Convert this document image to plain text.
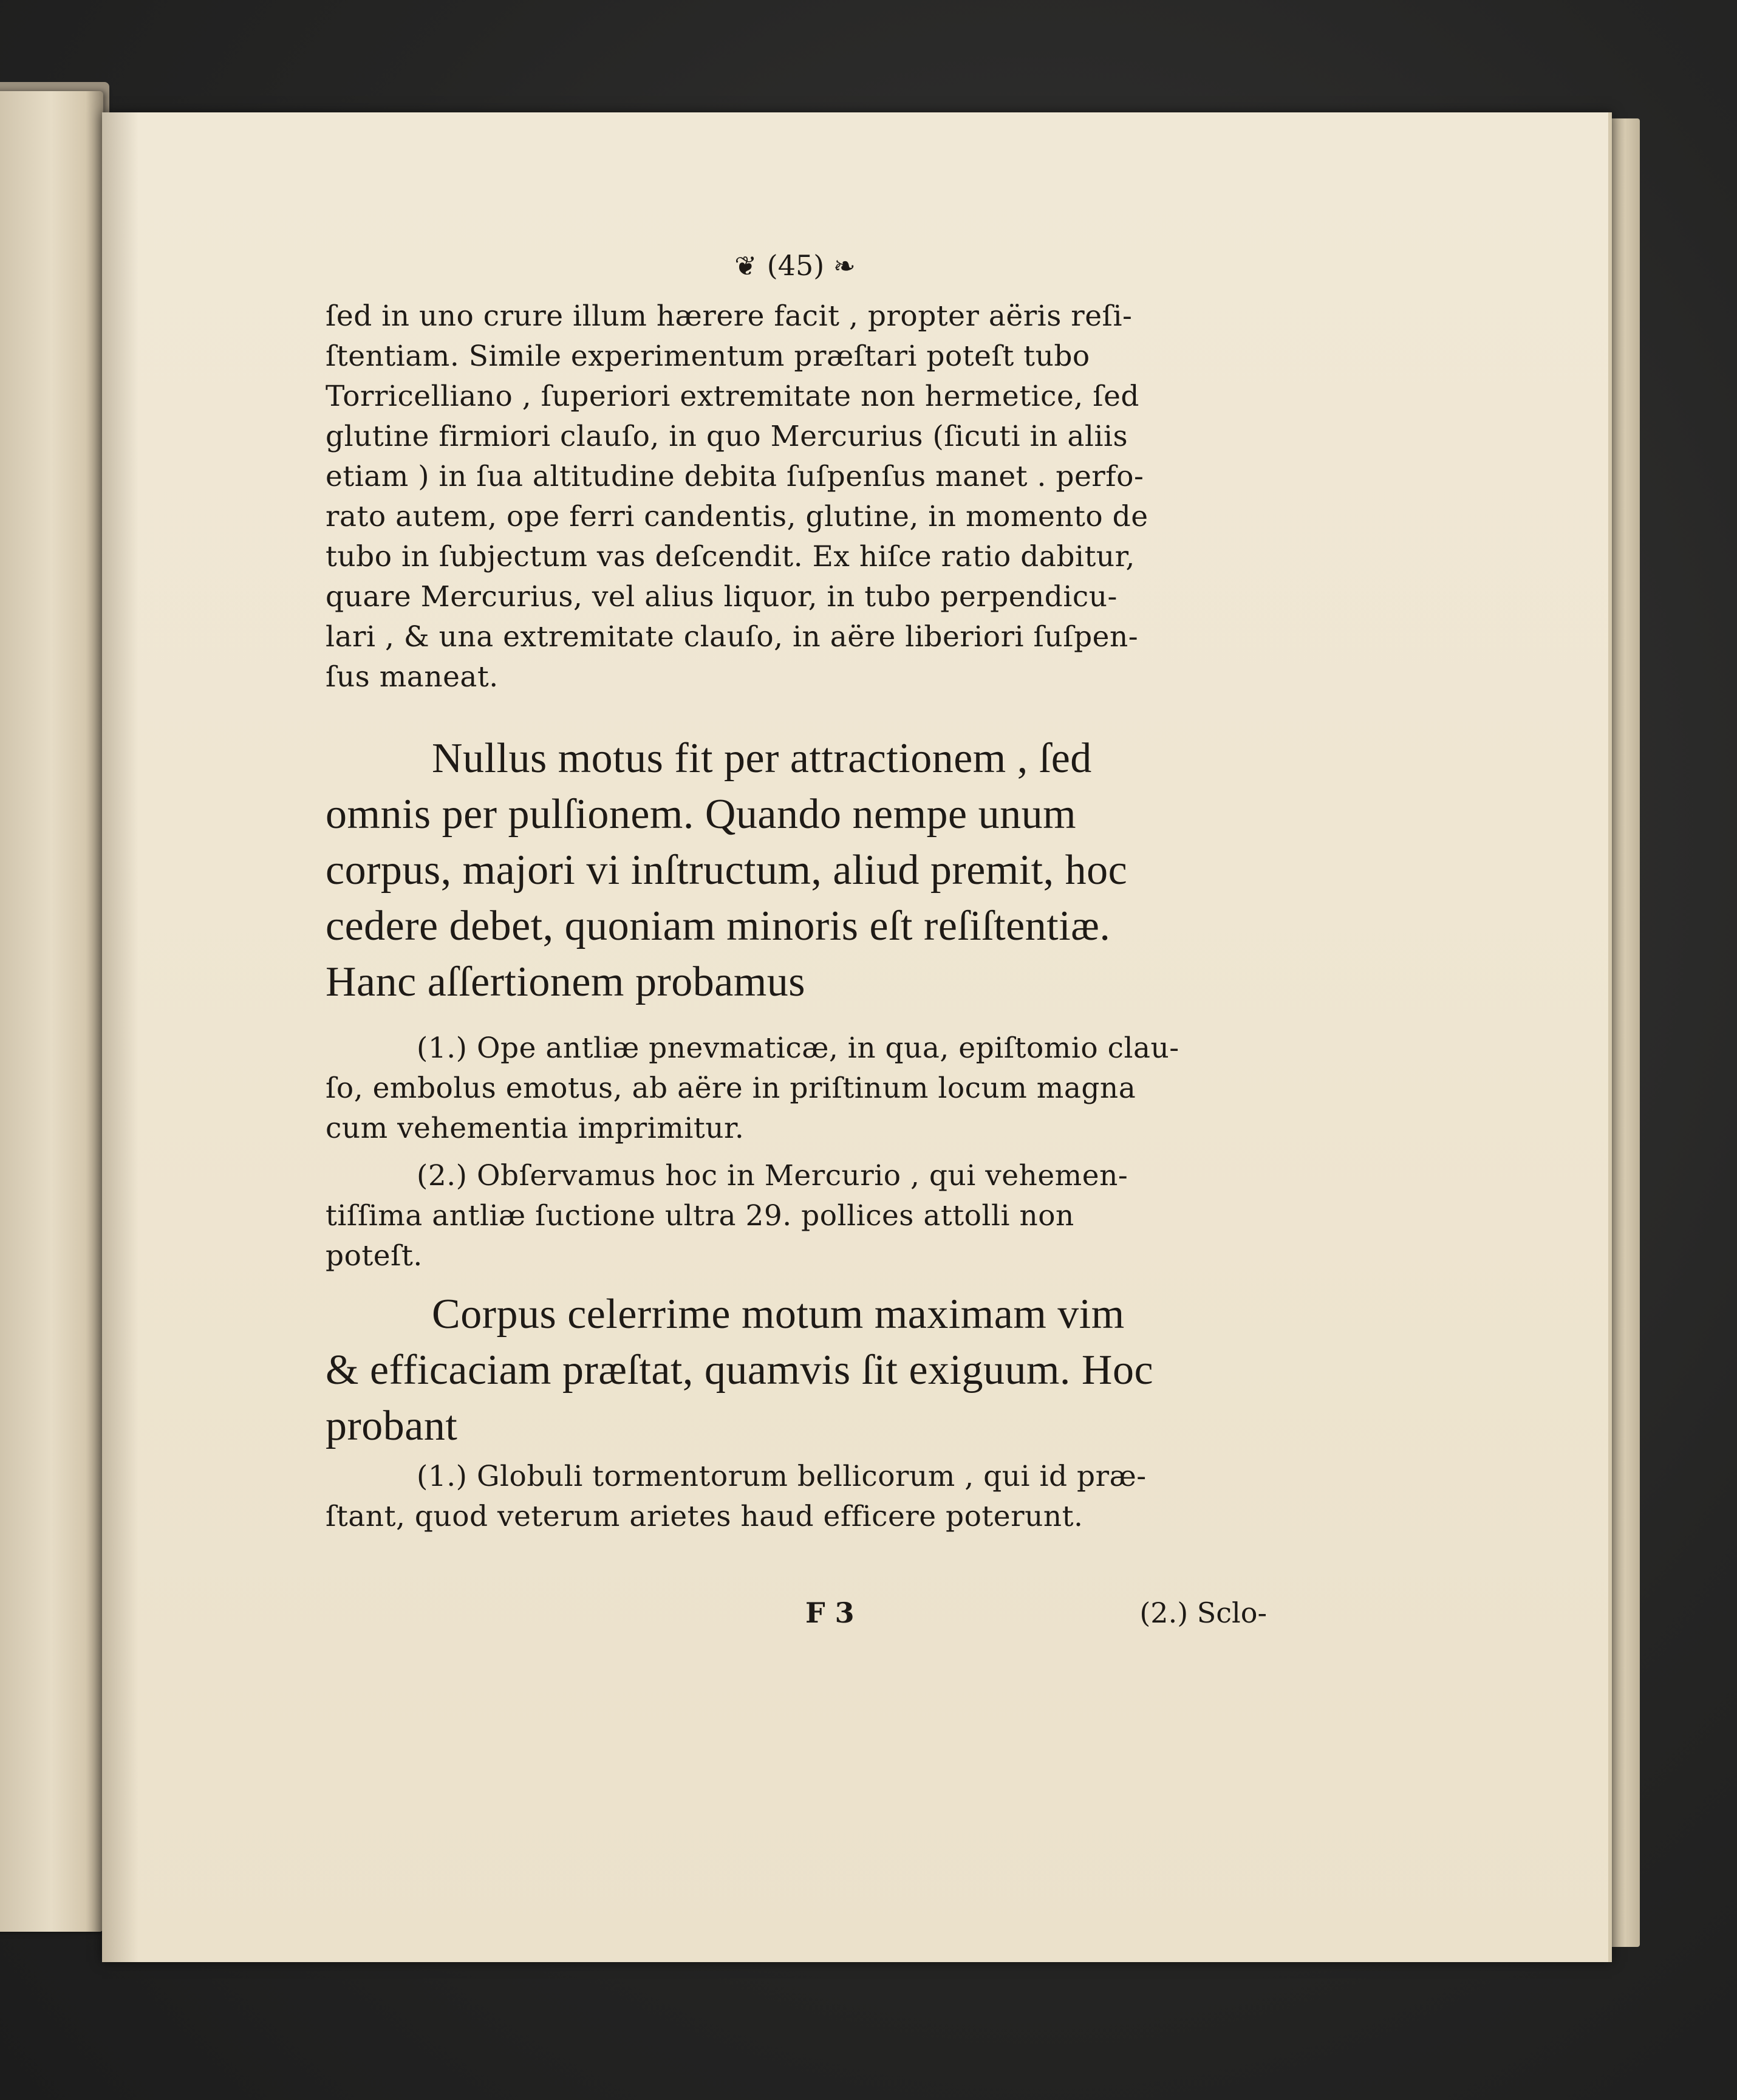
❦ (45) ❧

ſed in uno crure illum hærere facit , propter aëris reſi-
ſtentiam. Simile experimentum præſtari poteſt tubo
Torricelliano , ſuperiori extremitate non hermetice, ſed
glutine firmiori clauſo, in quo Mercurius (ſicuti in aliis
etiam ) in ſua altitudine debita ſuſpenſus manet . perfo-
rato autem, ope ferri candentis, glutine, in momento de
tubo in ſubjectum vas deſcendit. Ex hiſce ratio dabitur,
quare Mercurius, vel alius liquor, in tubo perpendicu-
lari , & una extremitate clauſo, in aëre liberiori ſuſpen-
ſus maneat.

Nullus motus fit per attractionem , ſed
omnis per pulſionem. Quando nempe unum
corpus, majori vi inſtructum, aliud premit, hoc
cedere debet, quoniam minoris eſt reſiſtentiæ.
Hanc aſſertionem probamus

(1.) Ope antliæ pnevmaticæ, in qua, epiſtomio clau-
ſo, embolus emotus, ab aëre in priſtinum locum magna
cum vehementia imprimitur.

(2.) Obſervamus hoc in Mercurio , qui vehemen-
tiſſima antliæ ſuctione ultra 29. pollices attolli non
poteſt.

Corpus celerrime motum maximam vim
& efficaciam præſtat, quamvis ſit exiguum. Hoc
probant

(1.) Globuli tormentorum bellicorum , qui id præ-
ſtant, quod veterum arietes haud efficere poterunt.

F 3	(2.) Sclo-
